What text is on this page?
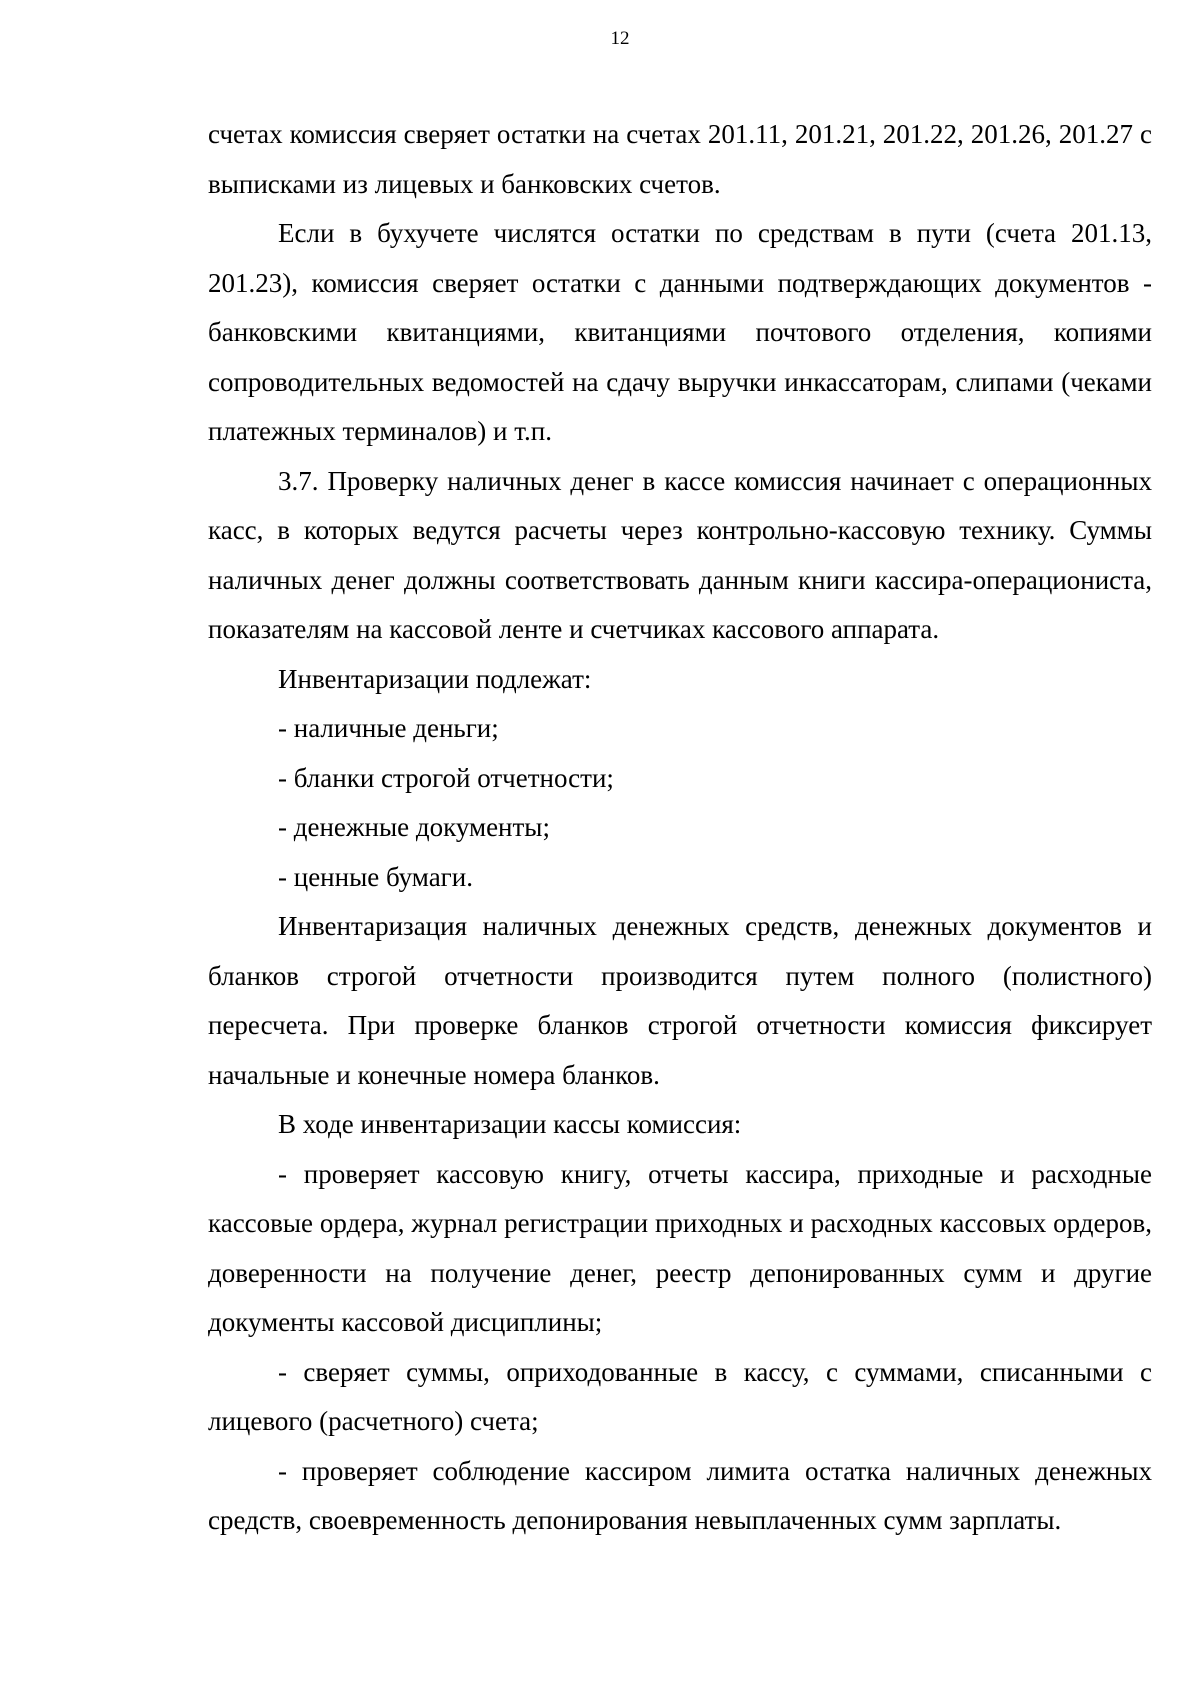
12

счетах комиссия сверяет остатки на счетах 201.11, 201.21, 201.22, 201.26, 201.27 с выписками из лицевых и банковских счетов.

Если в бухучете числятся остатки по средствам в пути (счета 201.13, 201.23), комиссия сверяет остатки с данными подтверждающих документов - банковскими квитанциями, квитанциями почтового отделения, копиями сопроводительных ведомостей на сдачу выручки инкассаторам, слипами (чеками платежных терминалов) и т.п.

3.7. Проверку наличных денег в кассе комиссия начинает с операционных касс, в которых ведутся расчеты через контрольно-кассовую технику. Суммы наличных денег должны соответствовать данным книги кассира-операциониста, показателям на кассовой ленте и счетчиках кассового аппарата.

Инвентаризации подлежат:

- наличные деньги;

- бланки строгой отчетности;

- денежные документы;

- ценные бумаги.

Инвентаризация наличных денежных средств, денежных документов и бланков строгой отчетности производится путем полного (полистного) пересчета. При проверке бланков строгой отчетности комиссия фиксирует начальные и конечные номера бланков.

В ходе инвентаризации кассы комиссия:

- проверяет кассовую книгу, отчеты кассира, приходные и расходные кассовые ордера, журнал регистрации приходных и расходных кассовых ордеров, доверенности на получение денег, реестр депонированных сумм и другие документы кассовой дисциплины;

- сверяет суммы, оприходованные в кассу, с суммами, списанными с лицевого (расчетного) счета;

- проверяет соблюдение кассиром лимита остатка наличных денежных средств, своевременность депонирования невыплаченных сумм зарплаты.
